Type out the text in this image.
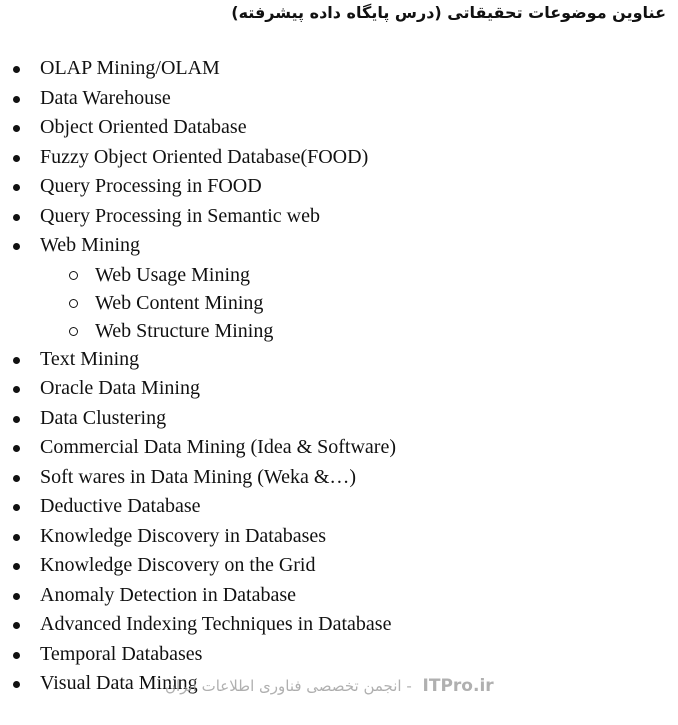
عناوین موضوعات تحقیقاتی (درس پایگاه داده پیشرفته)
OLAP Mining/OLAM
Data Warehouse
Object Oriented Database
Fuzzy Object Oriented Database(FOOD)
Query Processing in FOOD
Query Processing in Semantic web
Web Mining
Web Usage Mining
Web Content Mining
Web Structure Mining
Text Mining
Oracle Data Mining
Data Clustering
Commercial Data Mining (Idea & Software)
Soft wares in Data Mining (Weka &…)
Deductive Database
Knowledge Discovery in Databases
Knowledge Discovery on the Grid
Anomaly Detection in Database
Advanced Indexing Techniques in Database
Temporal Databases
Visual Data Mining
انجمن تخصصی فناوری اطلاعات ایران - ITPro.ir
